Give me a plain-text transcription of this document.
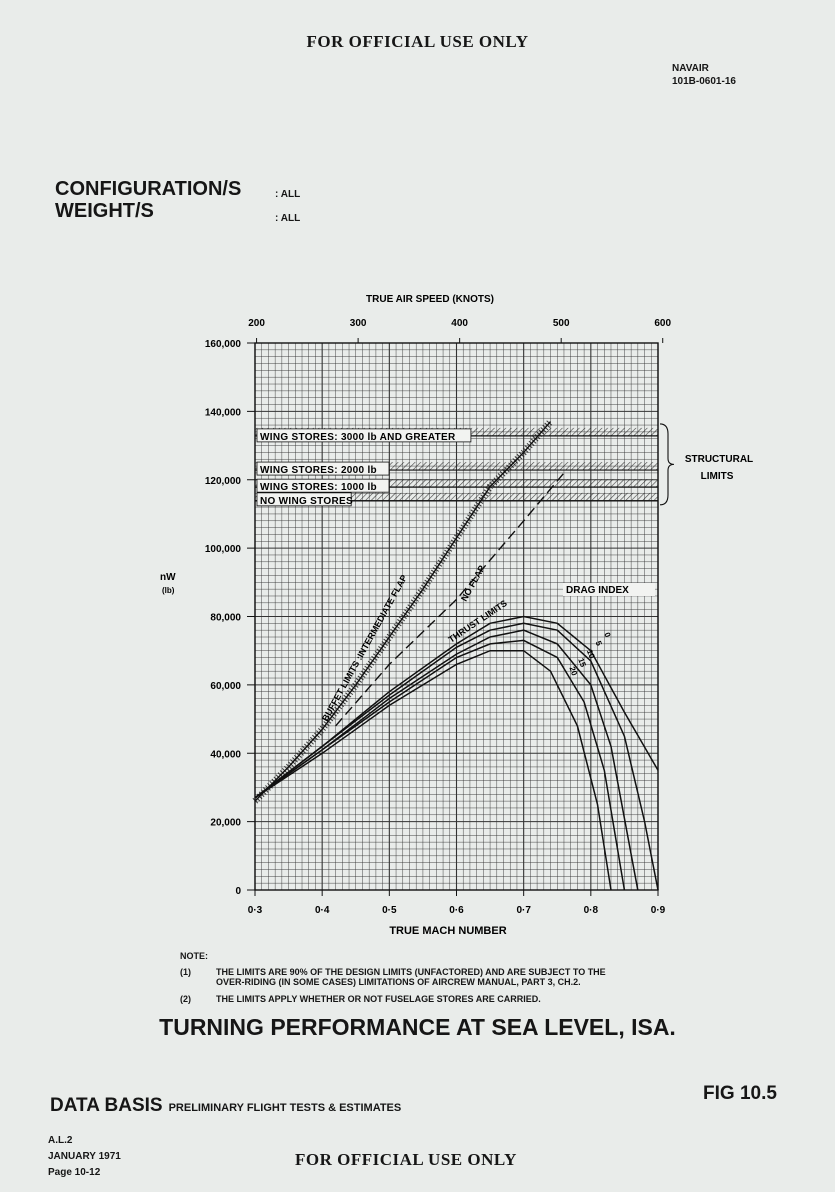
FOR OFFICIAL USE ONLY
NAVAIR
101B-0601-16
CONFIGURATION/S
WEIGHT/S
: ALL
: ALL
0
20,000
40,000
60,000
80,000
100,000
120,000
140,000
160,000
0·3	0·4	0·5	0·6	0·7	0·8	0·9
TRUE MACH NUMBER
200	300	400	500	600
TRUE AIR SPEED (KNOTS)
nW
(lb)
WING STORES: 3000 lb AND GREATER
WING STORES: 2000 lb
WING STORES: 1000 lb
NO WING STORES
STRUCTURAL
LIMITS
0
5
10
15
20
BUFFET LIMITS :INTERMEDIATE FLAP	NO FLAP
THRUST LIMITS
DRAG INDEX
NOTE:
(1)	THE LIMITS ARE 90% OF THE DESIGN LIMITS (UNFACTORED) AND ARE SUBJECT TO THE
OVER-RIDING (IN SOME CASES) LIMITATIONS OF AIRCREW MANUAL, PART 3, CH.2.
(2)	THE LIMITS APPLY WHETHER OR NOT FUSELAGE STORES ARE CARRIED.
TURNING PERFORMANCE AT SEA LEVEL, ISA.
DATA BASIS PRELIMINARY FLIGHT TESTS & ESTIMATES
FIG 10.5
A.L.2
JANUARY 1971
Page 10-12
FOR OFFICIAL USE ONLY
